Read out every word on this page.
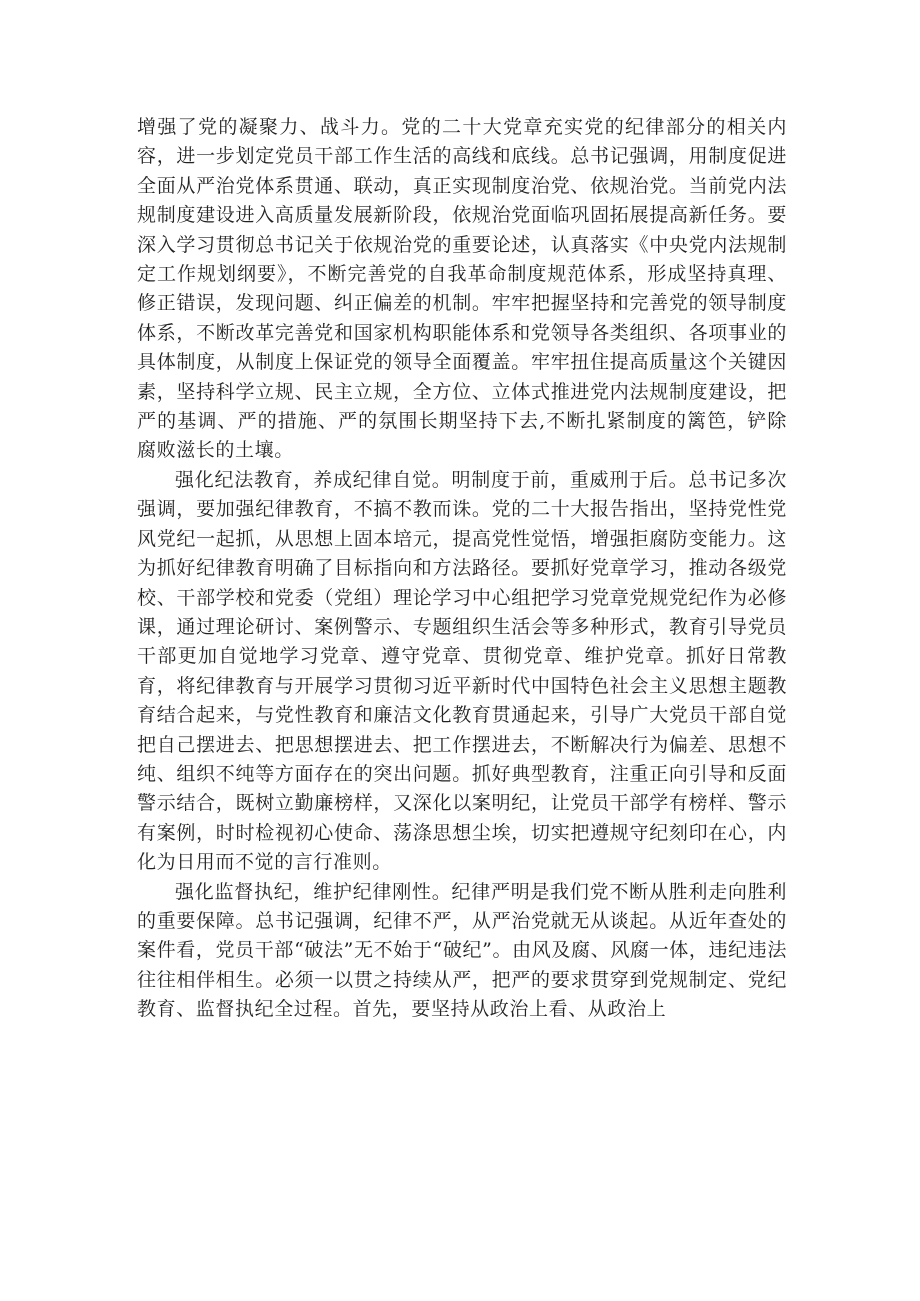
增强了党的凝聚力、战斗力。党的二十大党章充实党的纪律部分的相关内容，进一步划定党员干部工作生活的高线和底线。总书记强调，用制度促进全面从严治党体系贯通、联动，真正实现制度治党、依规治党。当前党内法规制度建设进入高质量发展新阶段，依规治党面临巩固拓展提高新任务。要深入学习贯彻总书记关于依规治党的重要论述，认真落实《中央党内法规制定工作规划纲要》，不断完善党的自我革命制度规范体系，形成坚持真理、修正错误，发现问题、纠正偏差的机制。牢牢把握坚持和完善党的领导制度体系，不断改革完善党和国家机构职能体系和党领导各类组织、各项事业的具体制度，从制度上保证党的领导全面覆盖。牢牢扭住提高质量这个关键因素，坚持科学立规、民主立规，全方位、立体式推进党内法规制度建设，把严的基调、严的措施、严的氛围长期坚持下去,不断扎紧制度的篱笆，铲除腐败滋长的土壤。

强化纪法教育，养成纪律自觉。明制度于前，重威刑于后。总书记多次强调，要加强纪律教育，不搞不教而诛。党的二十大报告指出，坚持党性党风党纪一起抓，从思想上固本培元，提高党性觉悟，增强拒腐防变能力。这为抓好纪律教育明确了目标指向和方法路径。要抓好党章学习，推动各级党校、干部学校和党委（党组）理论学习中心组把学习党章党规党纪作为必修课，通过理论研讨、案例警示、专题组织生活会等多种形式，教育引导党员干部更加自觉地学习党章、遵守党章、贯彻党章、维护党章。抓好日常教育，将纪律教育与开展学习贯彻习近平新时代中国特色社会主义思想主题教育结合起来，与党性教育和廉洁文化教育贯通起来，引导广大党员干部自觉把自己摆进去、把思想摆进去、把工作摆进去，不断解决行为偏差、思想不纯、组织不纯等方面存在的突出问题。抓好典型教育，注重正向引导和反面警示结合，既树立勤廉榜样，又深化以案明纪，让党员干部学有榜样、警示有案例，时时检视初心使命、荡涤思想尘埃，切实把遵规守纪刻印在心，内化为日用而不觉的言行准则。

强化监督执纪，维护纪律刚性。纪律严明是我们党不断从胜利走向胜利的重要保障。总书记强调，纪律不严，从严治党就无从谈起。从近年查处的案件看，党员干部“破法”无不始于“破纪”。由风及腐、风腐一体，违纪违法往往相伴相生。必须一以贯之持续从严，把严的要求贯穿到党规制定、党纪教育、监督执纪全过程。首先，要坚持从政治上看、从政治上
